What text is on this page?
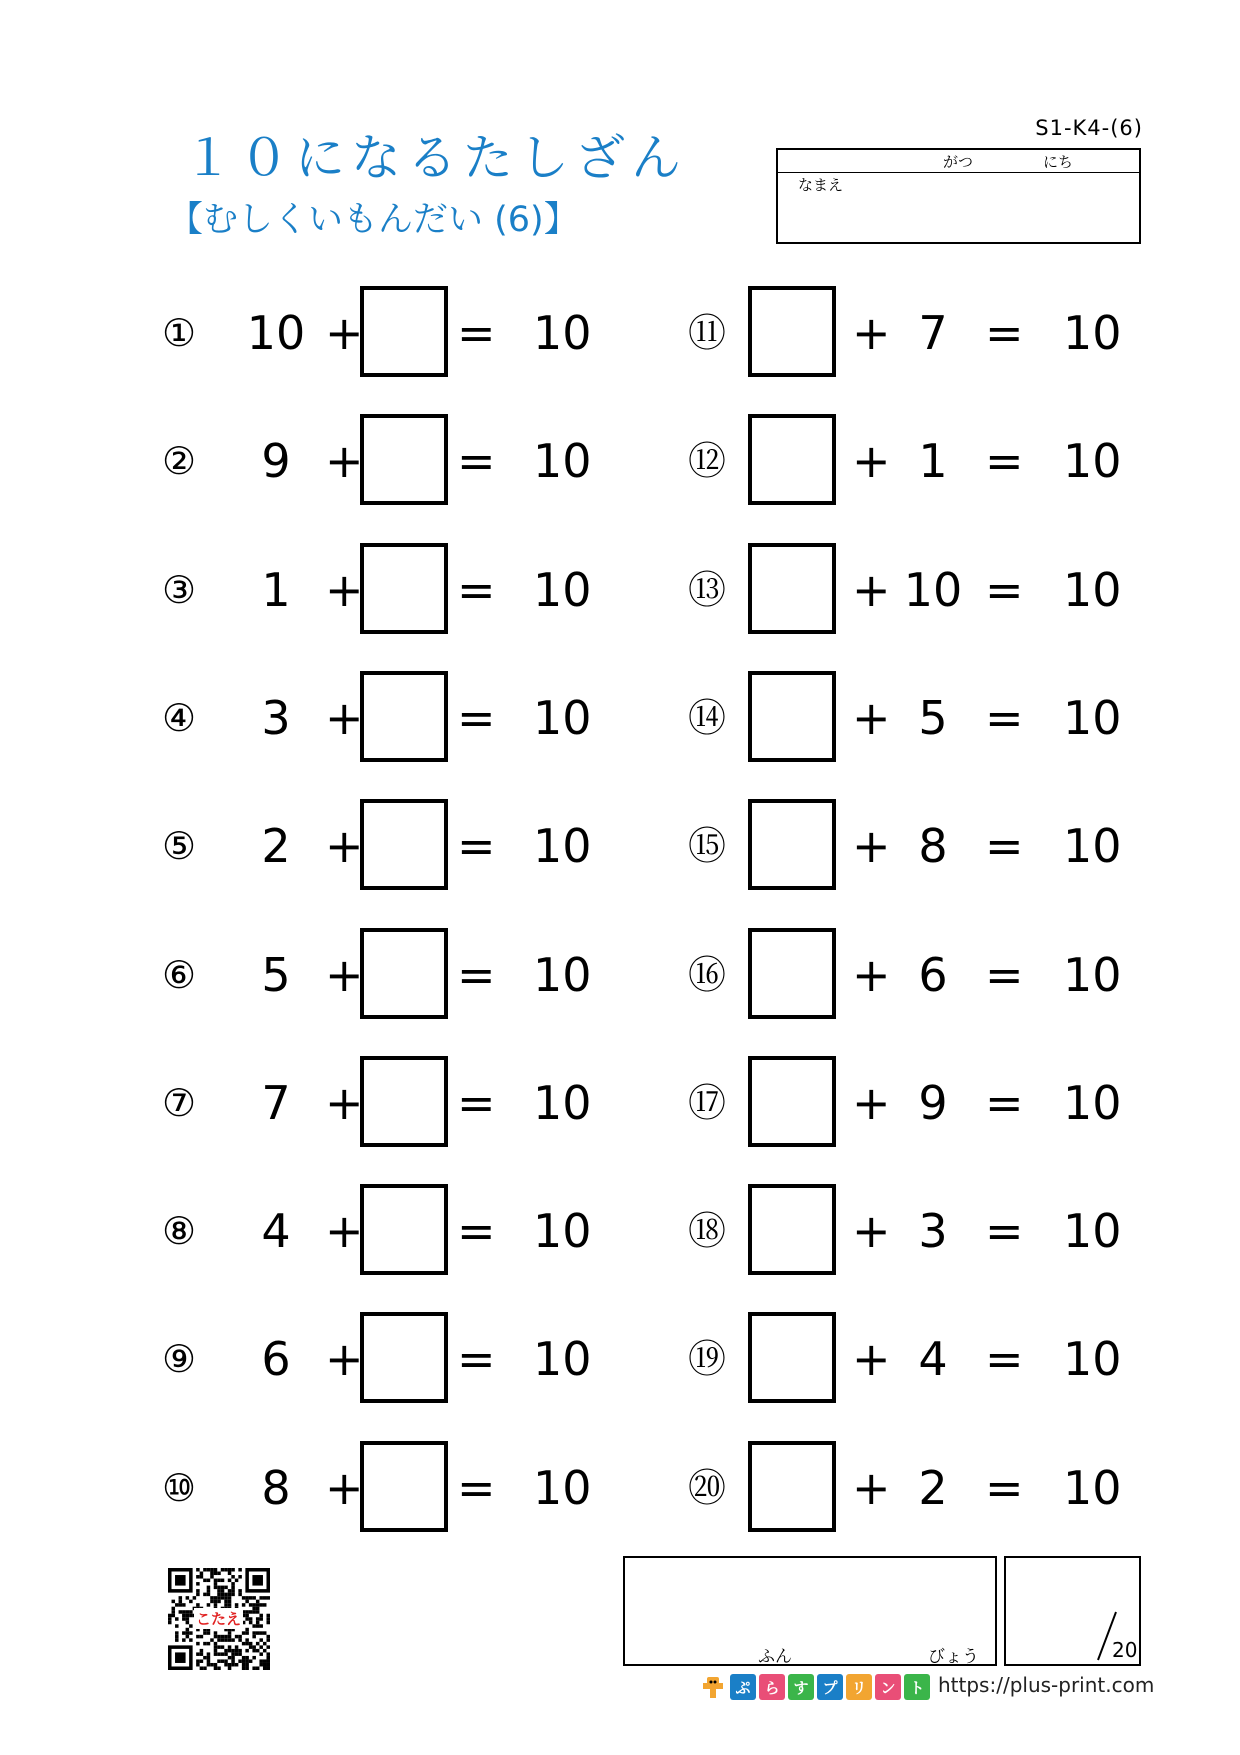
１０になるたしざん
【むしくいもんだい (6)】
S1-K4-(6)
がつ	にち
なまえ
① 10 + = 10
②	9 + = 10
③	1 + = 10
④	3 + = 10
⑤	2 + = 10
⑥	5 + = 10
⑦	7 + = 10
⑧	4 + = 10
⑨	6 + = 10
⑩	8 + = 10
⑪	+ 7 = 10
⑫	+ 1 = 10
⑬	+ 10 = 10
⑭	+ 5 = 10
⑮	+ 8 = 10
⑯	+ 6 = 10
⑰	+ 9 = 10
⑱	+ 3 = 10
⑲	+ 4 = 10
⑳	+ 2 = 10
こたえ
ふん	びょう	20
ぷ ら す プ リ ン ト https://plus-print.com
